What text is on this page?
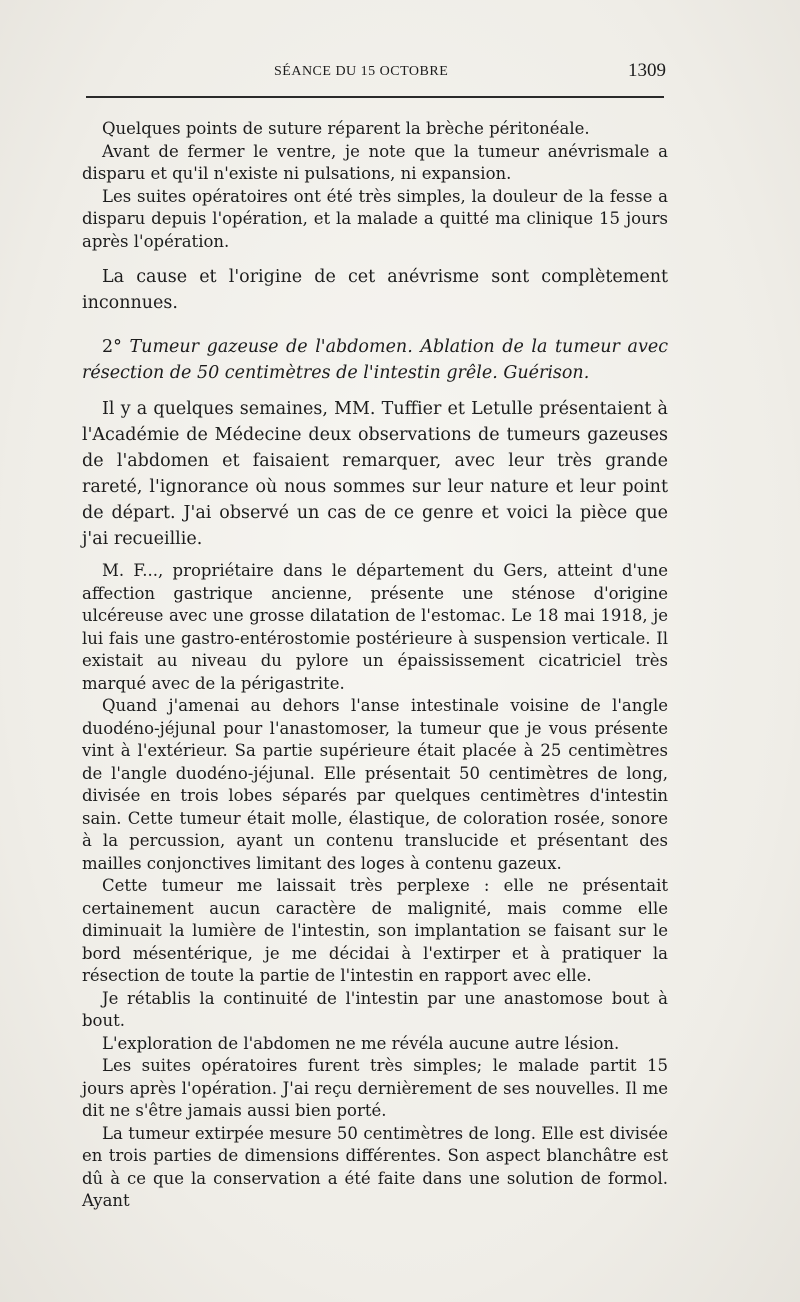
SÉANCE DU 15 OCTOBRE	1309

Quelques points de suture réparent la brèche péritonéale.

Avant de fermer le ventre, je note que la tumeur anévrismale a disparu et qu'il n'existe ni pulsations, ni expansion.

Les suites opératoires ont été très simples, la douleur de la fesse a disparu depuis l'opération, et la malade a quitté ma clinique 15 jours après l'opération.

La cause et l'origine de cet anévrisme sont complètement inconnues.

2° Tumeur gazeuse de l'abdomen. Ablation de la tumeur avec résection de 50 centimètres de l'intestin grêle. Guérison.

Il y a quelques semaines, MM. Tuffier et Letulle présentaient à l'Académie de Médecine deux observations de tumeurs gazeuses de l'abdomen et faisaient remarquer, avec leur très grande rareté, l'ignorance où nous sommes sur leur nature et leur point de départ. J'ai observé un cas de ce genre et voici la pièce que j'ai recueillie.

M. F..., propriétaire dans le département du Gers, atteint d'une affection gastrique ancienne, présente une sténose d'origine ulcéreuse avec une grosse dilatation de l'estomac. Le 18 mai 1918, je lui fais une gastro-entérostomie postérieure à suspension verticale. Il existait au niveau du pylore un épaississement cicatriciel très marqué avec de la périgastrite.

Quand j'amenai au dehors l'anse intestinale voisine de l'angle duodéno-jéjunal pour l'anastomoser, la tumeur que je vous présente vint à l'extérieur. Sa partie supérieure était placée à 25 centimètres de l'angle duodéno-jéjunal. Elle présentait 50 centimètres de long, divisée en trois lobes séparés par quelques centimètres d'intestin sain. Cette tumeur était molle, élastique, de coloration rosée, sonore à la percussion, ayant un contenu translucide et présentant des mailles conjonctives limitant des loges à contenu gazeux.

Cette tumeur me laissait très perplexe : elle ne présentait certainement aucun caractère de malignité, mais comme elle diminuait la lumière de l'intestin, son implantation se faisant sur le bord mésentérique, je me décidai à l'extirper et à pratiquer la résection de toute la partie de l'intestin en rapport avec elle.

Je rétablis la continuité de l'intestin par une anastomose bout à bout.

L'exploration de l'abdomen ne me révéla aucune autre lésion.

Les suites opératoires furent très simples; le malade partit 15 jours après l'opération. J'ai reçu dernièrement de ses nouvelles. Il me dit ne s'être jamais aussi bien porté.

La tumeur extirpée mesure 50 centimètres de long. Elle est divisée en trois parties de dimensions différentes. Son aspect blanchâtre est dû à ce que la conservation a été faite dans une solution de formol. Ayant
